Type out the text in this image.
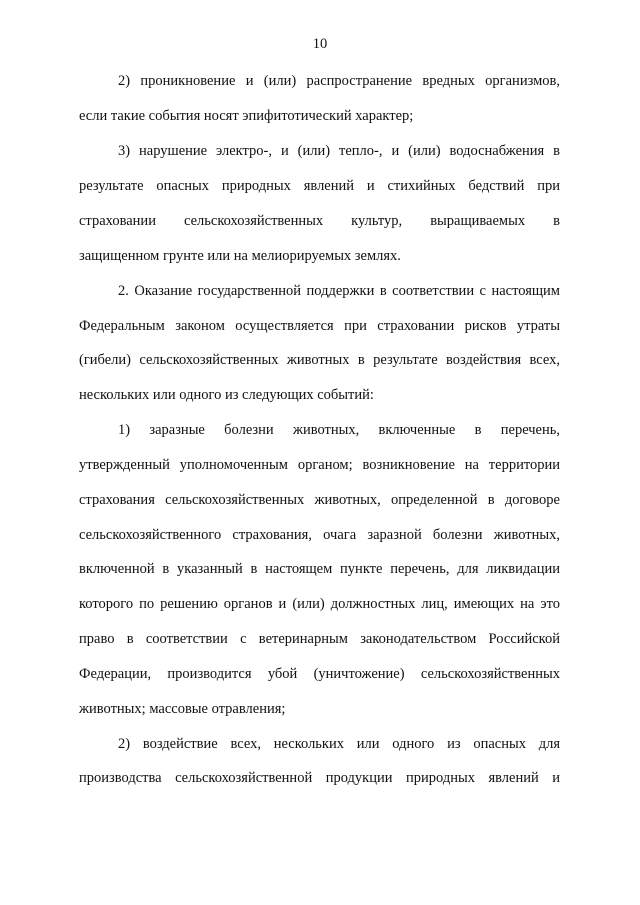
10
2) проникновение и (или) распространение вредных организмов,
если такие события носят эпифитотический характер;
3) нарушение электро-, и (или) тепло-, и (или) водоснабжения в
результате опасных природных явлений и стихийных бедствий при
страховании сельскохозяйственных культур, выращиваемых в
защищенном грунте или на мелиорируемых землях.
2. Оказание государственной поддержки в соответствии с настоящим
Федеральным законом осуществляется при страховании рисков утраты
(гибели) сельскохозяйственных животных в результате воздействия всех,
нескольких или одного из следующих событий:
1) заразные болезни животных, включенные в перечень,
утвержденный уполномоченным органом; возникновение на территории
страхования сельскохозяйственных животных, определенной в договоре
сельскохозяйственного страхования, очага заразной болезни животных,
включенной в указанный в настоящем пункте перечень, для ликвидации
которого по решению органов и (или) должностных лиц, имеющих на это
право в соответствии с ветеринарным законодательством Российской
Федерации, производится убой (уничтожение) сельскохозяйственных
животных; массовые отравления;
2) воздействие всех, нескольких или одного из опасных для
производства сельскохозяйственной продукции природных явлений и
